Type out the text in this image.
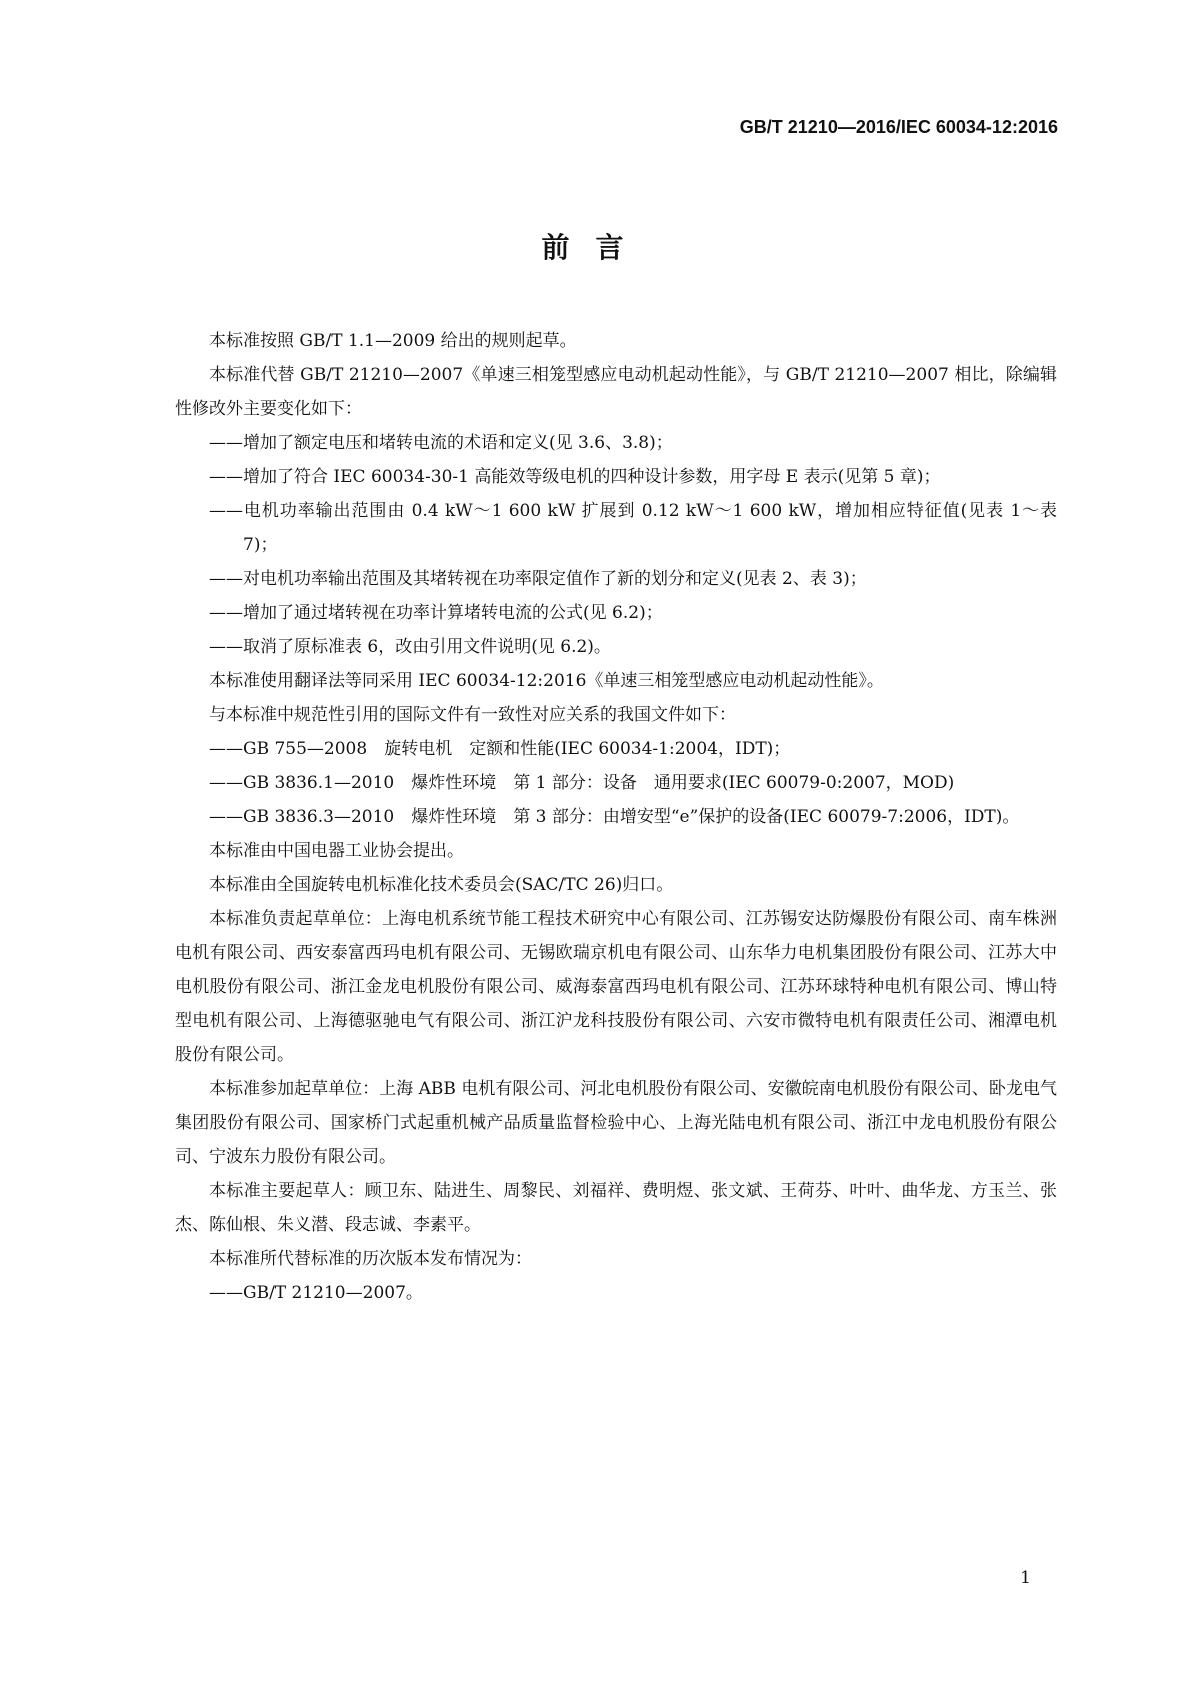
GB/T 21210—2016/IEC 60034-12:2016
前言

本标准按照 GB/T 1.1—2009 给出的规则起草。

本标准代替 GB/T 21210—2007《单速三相笼型感应电动机起动性能》，与 GB/T 21210—2007 相比，除编辑性修改外主要变化如下：

——增加了额定电压和堵转电流的术语和定义(见 3.6、3.8)；

——增加了符合 IEC 60034-30-1 高能效等级电机的四种设计参数，用字母 E 表示(见第 5 章)；

——电机功率输出范围由 0.4 kW～1 600 kW 扩展到 0.12 kW～1 600 kW，增加相应特征值(见表 1～表 7)；

——对电机功率输出范围及其堵转视在功率限定值作了新的划分和定义(见表 2、表 3)；

——增加了通过堵转视在功率计算堵转电流的公式(见 6.2)；

——取消了原标准表 6，改由引用文件说明(见 6.2)。

本标准使用翻译法等同采用 IEC 60034-12:2016《单速三相笼型感应电动机起动性能》。

与本标准中规范性引用的国际文件有一致性对应关系的我国文件如下：

——GB 755—2008　旋转电机　定额和性能(IEC 60034-1:2004，IDT)；

——GB 3836.1—2010　爆炸性环境　第 1 部分：设备　通用要求(IEC 60079-0:2007，MOD)

——GB 3836.3—2010　爆炸性环境　第 3 部分：由增安型“e”保护的设备(IEC 60079-7:2006，IDT)。

本标准由中国电器工业协会提出。

本标准由全国旋转电机标准化技术委员会(SAC/TC 26)归口。

本标准负责起草单位：上海电机系统节能工程技术研究中心有限公司、江苏锡安达防爆股份有限公司、南车株洲电机有限公司、西安泰富西玛电机有限公司、无锡欧瑞京机电有限公司、山东华力电机集团股份有限公司、江苏大中电机股份有限公司、浙江金龙电机股份有限公司、威海泰富西玛电机有限公司、江苏环球特种电机有限公司、博山特型电机有限公司、上海德驱驰电气有限公司、浙江沪龙科技股份有限公司、六安市微特电机有限责任公司、湘潭电机股份有限公司。

本标准参加起草单位：上海 ABB 电机有限公司、河北电机股份有限公司、安徽皖南电机股份有限公司、卧龙电气集团股份有限公司、国家桥门式起重机械产品质量监督检验中心、上海光陆电机有限公司、浙江中龙电机股份有限公司、宁波东力股份有限公司。

本标准主要起草人：顾卫东、陆进生、周黎民、刘福祥、费明煜、张文斌、王荷芬、叶叶、曲华龙、方玉兰、张杰、陈仙根、朱义潜、段志诚、李素平。

本标准所代替标准的历次版本发布情况为：

——GB/T 21210—2007。

1
